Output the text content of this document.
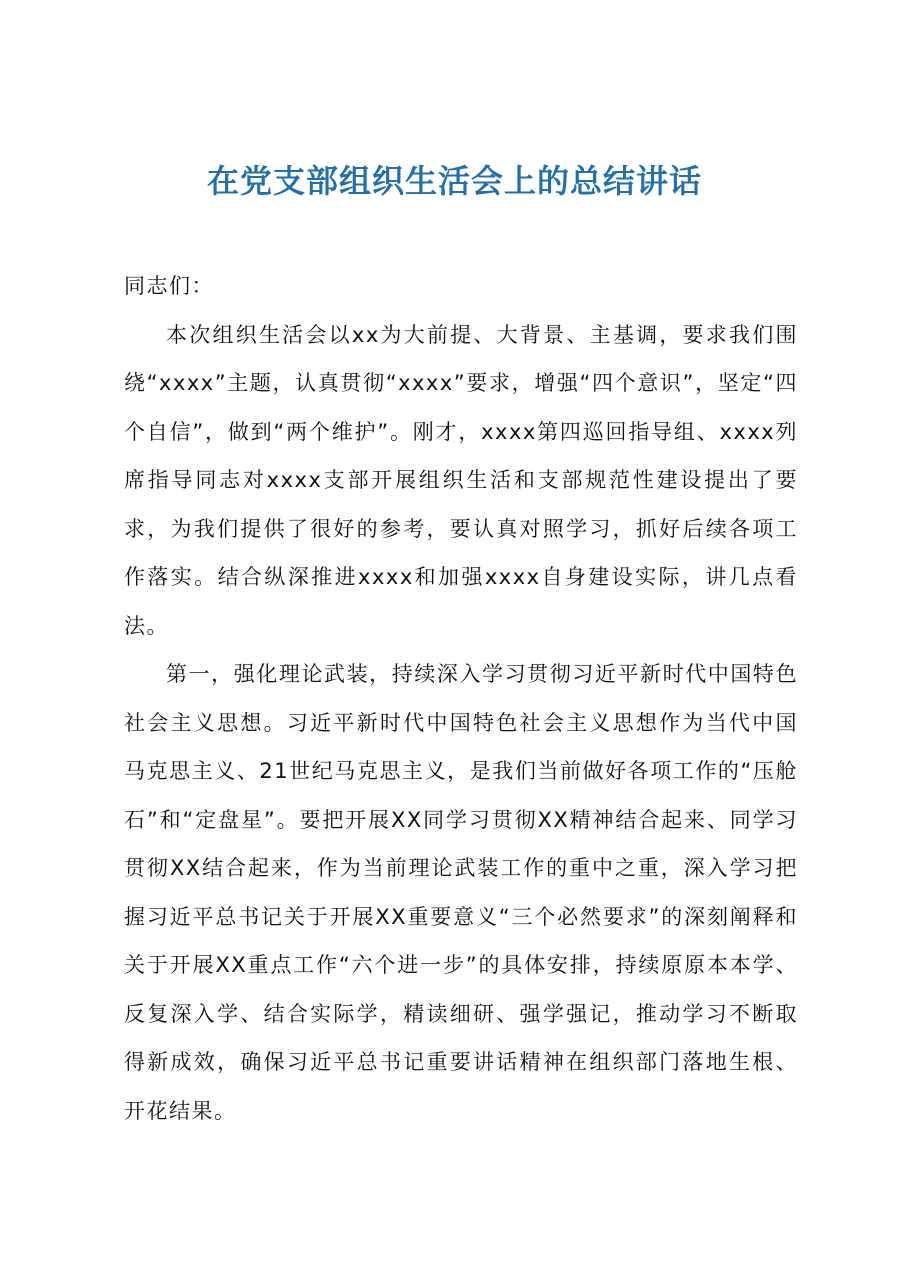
在党支部组织生活会上的总结讲话

同志们：

本次组织生活会以xx为大前提、大背景、主基调，要求我们围绕“xxxx”主题，认真贯彻“xxxx”要求，增强“四个意识”，坚定“四个自信”，做到“两个维护”。刚才，xxxx第四巡回指导组、xxxx列席指导同志对xxxx支部开展组织生活和支部规范性建设提出了要求，为我们提供了很好的参考，要认真对照学习，抓好后续各项工作落实。结合纵深推进xxxx和加强xxxx自身建设实际，讲几点看法。

第一，强化理论武装，持续深入学习贯彻习近平新时代中国特色社会主义思想。习近平新时代中国特色社会主义思想作为当代中国马克思主义、21世纪马克思主义，是我们当前做好各项工作的“压舱石”和“定盘星”。要把开展XX同学习贯彻XX精神结合起来、同学习贯彻XX结合起来，作为当前理论武装工作的重中之重，深入学习把握习近平总书记关于开展XX重要意义“三个必然要求”的深刻阐释和关于开展XX重点工作“六个进一步”的具体安排，持续原原本本学、反复深入学、结合实际学，精读细研、强学强记，推动学习不断取得新成效，确保习近平总书记重要讲话精神在组织部门落地生根、开花结果。
